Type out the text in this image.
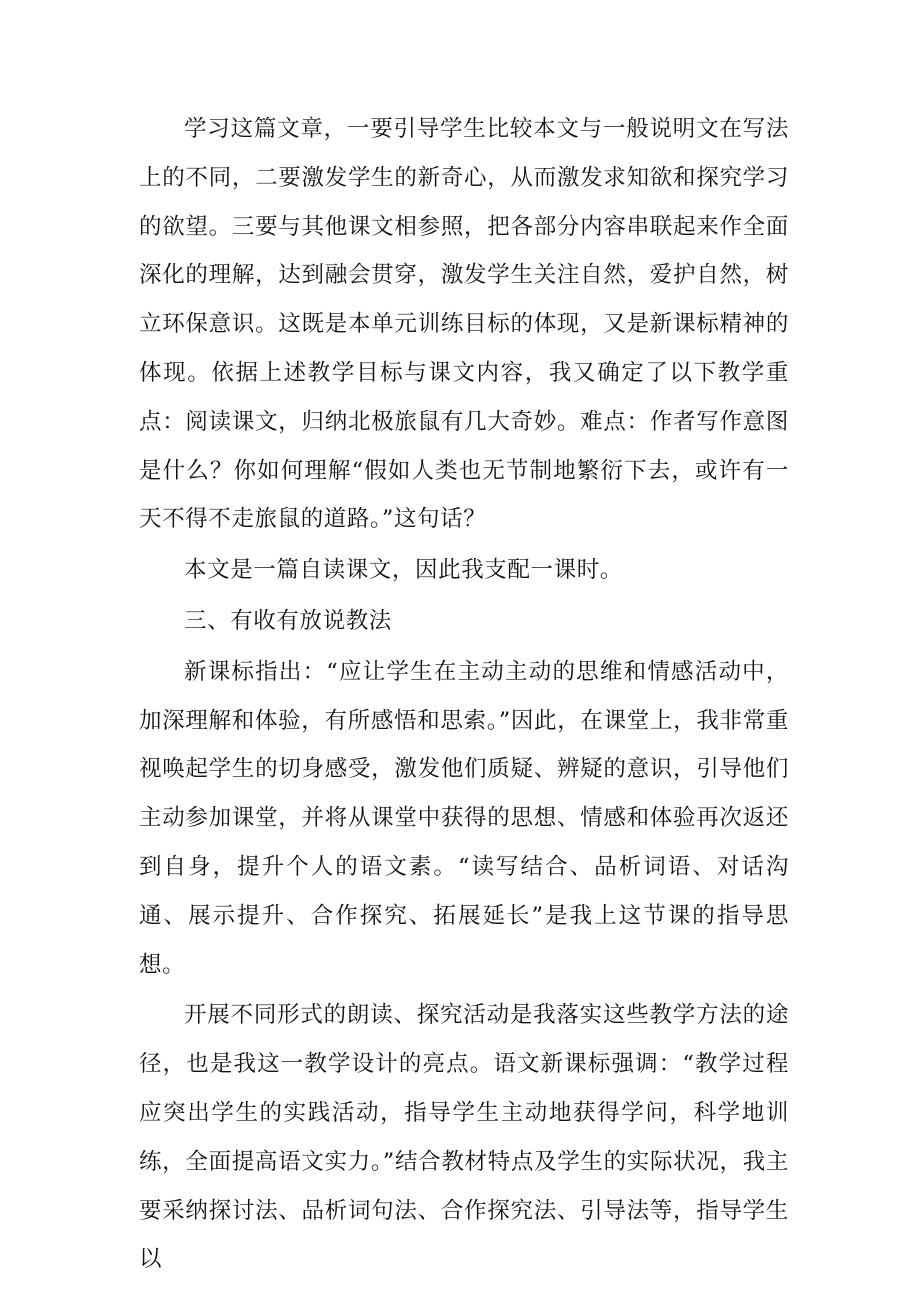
学习这篇文章，一要引导学生比较本文与一般说明文在写法上的不同，二要激发学生的新奇心，从而激发求知欲和探究学习的欲望。三要与其他课文相参照，把各部分内容串联起来作全面深化的理解，达到融会贯穿，激发学生关注自然，爱护自然，树立环保意识。这既是本单元训练目标的体现，又是新课标精神的体现。依据上述教学目标与课文内容，我又确定了以下教学重点：阅读课文，归纳北极旅鼠有几大奇妙。难点：作者写作意图是什么？你如何理解“假如人类也无节制地繁衍下去，或许有一天不得不走旅鼠的道路。”这句话？

本文是一篇自读课文，因此我支配一课时。

三、有收有放说教法

新课标指出：“应让学生在主动主动的思维和情感活动中，加深理解和体验，有所感悟和思索。”因此，在课堂上，我非常重视唤起学生的切身感受，激发他们质疑、辨疑的意识，引导他们主动参加课堂，并将从课堂中获得的思想、情感和体验再次返还到自身，提升个人的语文素。“读写结合、品析词语、对话沟通、展示提升、合作探究、拓展延长”是我上这节课的指导思想。

开展不同形式的朗读、探究活动是我落实这些教学方法的途径，也是我这一教学设计的亮点。语文新课标强调：“教学过程应突出学生的实践活动，指导学生主动地获得学问，科学地训练，全面提高语文实力。”结合教材特点及学生的实际状况，我主要采纳探讨法、品析词句法、合作探究法、引导法等，指导学生以
